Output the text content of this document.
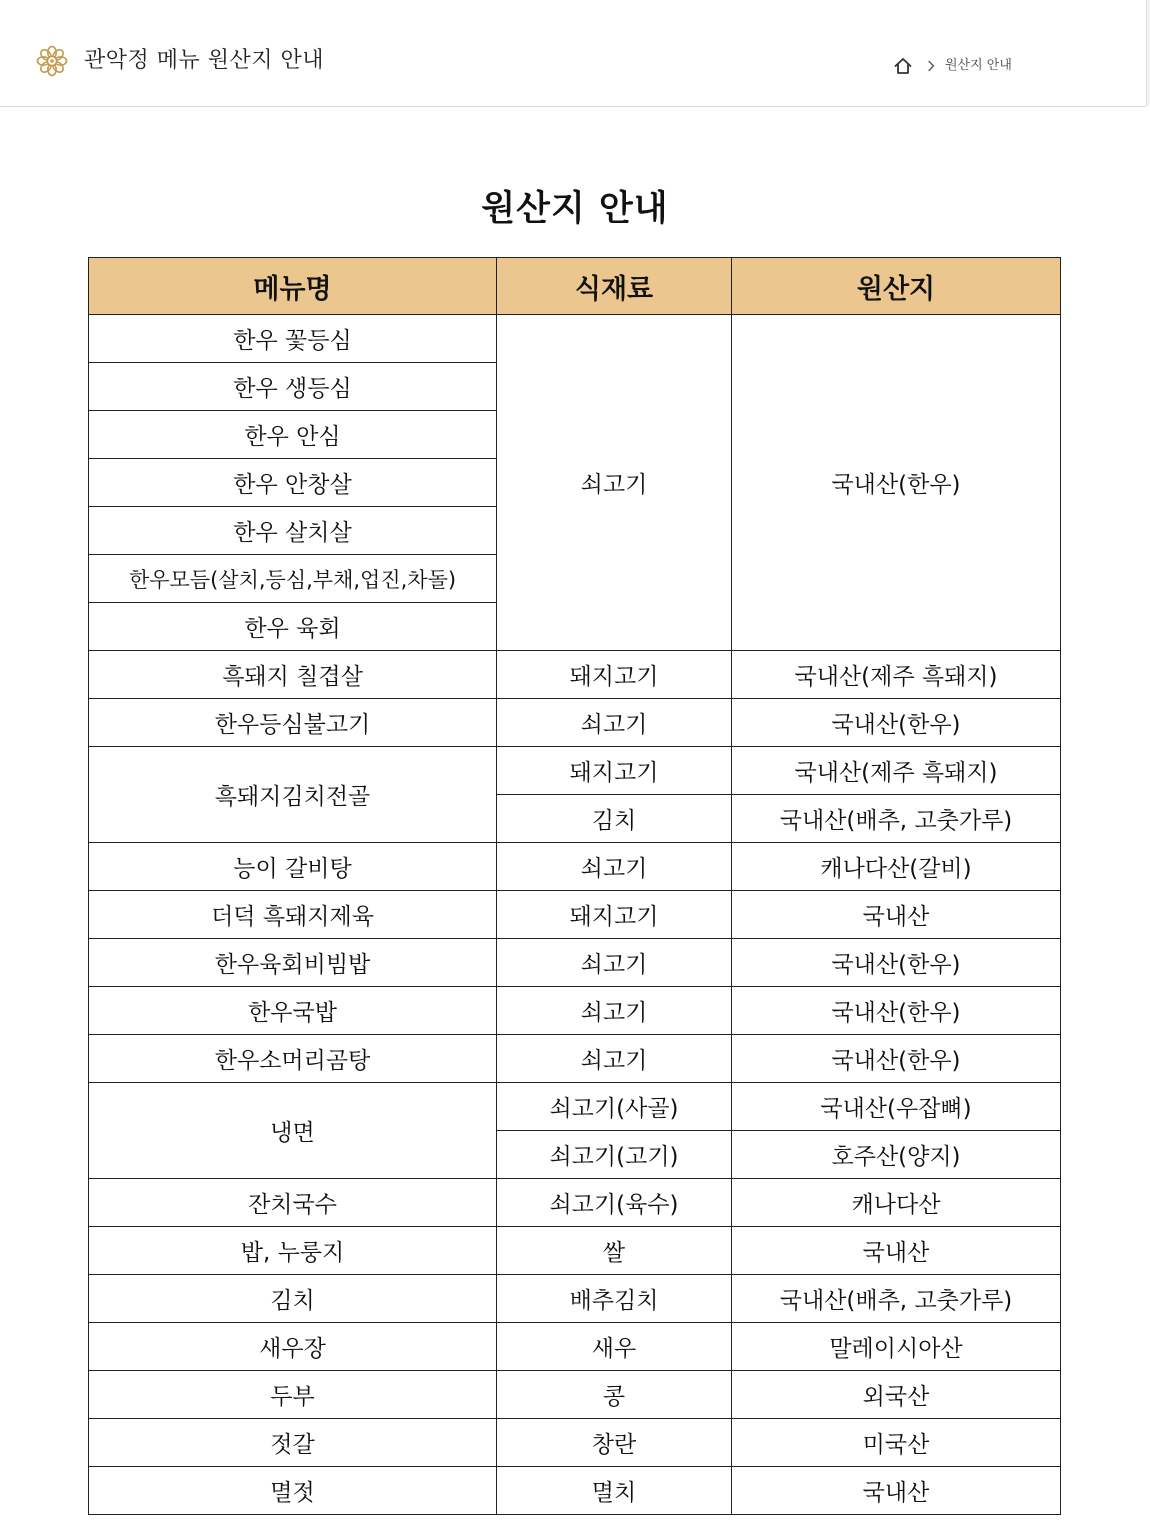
관악정 메뉴 원산지 안내	원산지 안내
원산지 안내
메뉴명	식재료	원산지
한우 꽃등심	쇠고기	국내산(한우)
한우 생등심		
한우 안심		
한우 안창살		
한우 살치살		
한우모듬(살치,등심,부채,업진,차돌)		
한우 육회		
흑돼지 칠겹살	돼지고기	국내산(제주 흑돼지)
한우등심불고기	쇠고기	국내산(한우)
흑돼지김치전골	돼지고기	국내산(제주 흑돼지)
	김치	국내산(배추, 고춧가루)
능이 갈비탕	쇠고기	캐나다산(갈비)
더덕 흑돼지제육	돼지고기	국내산
한우육회비빔밥	쇠고기	국내산(한우)
한우국밥	쇠고기	국내산(한우)
한우소머리곰탕	쇠고기	국내산(한우)
냉면	쇠고기(사골)	국내산(우잡뼈)
	쇠고기(고기)	호주산(양지)
잔치국수	쇠고기(육수)	캐나다산
밥, 누룽지	쌀	국내산
김치	배추김치	국내산(배추, 고춧가루)
새우장	새우	말레이시아산
두부	콩	외국산
젓갈	창란	미국산
멸젓	멸치	국내산
